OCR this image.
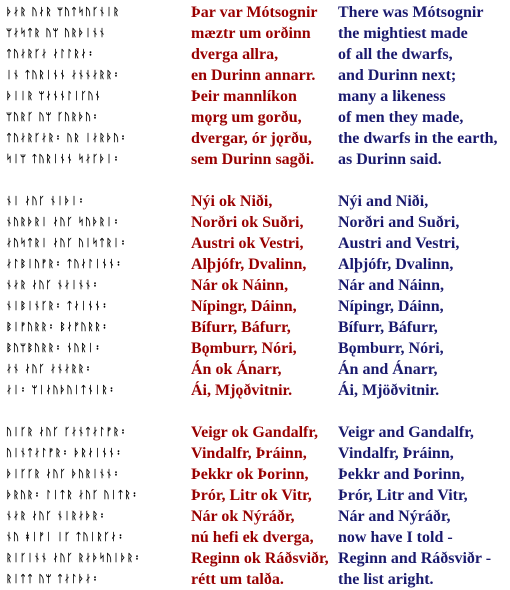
ᚦᛅᚱ ᚢᛅᚱ ᛘᚢᛏᛋᚢᚴᚾᛁᚱ	Þar var Mótsognir	There was Mótsognir
ᛘᛅᛋᛏᚱ ᚢᛘ ᚢᚱᚦᛁᚾᚾ	mæztr um orðinn	the mightiest made
ᛏᚢᛅᚱᚴᛅ ᛅᛚᛚᚱᛅ᛬	dverga allra,	of all the dwarfs,
ᛁᚾ ᛏᚢᚱᛁᚾᚾ ᛅᚾᚾᛅᚱᚱ᛬	en Durinn annarr.	and Durinn next;
ᚦᛁᛁᚱ ᛘᛅᚾᚾᛚᛁᚴᚢᚾ	Þeir mannlíkon	many a likeness
ᛘᚢᚱᚴ ᚢᛘ ᚴᚢᚱᚦᚢ᛬	mǫrg um gorðu,	of men they made,
ᛏᚢᛅᚱᚴᛅᚱ᛬ ᚢᚱ ᛁᛅᚱᚦᚢ᛬	dvergar, ór jǫrðu,	the dwarfs in the earth,
ᛋᛁᛘ ᛏᚢᚱᛁᚾᚾ ᛋᛅᚴᚦᛁ᛬	sem Durinn sagði.	as Durinn said.
ᚾᛁ ᛅᚢᚴ ᚾᛁᚦᛁ᛬	Nýi ok Niði,	Nýi and Niði,
ᚾᚢᚱᚦᚱᛁ ᛅᚢᚴ ᛋᚢᚦᚱᛁ᛬	Norðri ok Suðri,	Norðri and Suðri,
ᛅᚢᛋᛏᚱᛁ ᛅᚢᚴ ᚢᛁᛋᛏᚱᛁ᛬	Austri ok Vestri,	Austri and Vestri,
ᛅᛚᛒᛁᚢᚠᚱ᛬ ᛏᚢᛅᛚᛁᚾᚾ᛬	Alþjófr, Dvalinn,	Alþjófr, Dvalinn,
ᚾᛅᚱ ᛅᚢᚴ ᚾᛅᛁᚾᚾ᛬	Nár ok Náinn,	Nár and Náinn,
ᚾᛁᛒᛁᚾᚴᚱ᛬ ᛏᛅᛁᚾᚾ᛬	Nípingr, Dáinn,	Nípingr, Dáinn,
ᛒᛁᚠᚢᚱᚱ᛬ ᛒᛅᚠᚢᚱᚱ᛬	Bífurr, Báfurr,	Bífurr, Báfurr,
ᛒᚢᛘᛒᚢᚱᚱ᛬ ᚾᚢᚱᛁ᛬	Bǫmburr, Nóri,	Bǫmburr, Nóri,
ᛅᚾ ᛅᚢᚴ ᛅᚾᛅᚱᚱ᛬	Án ok Ánarr,	Án and Ánarr,
ᛅᛁ᛬ ᛘᛁᛅᚢᚦᚢᛁᛏᚾᛁᚱ᛬	Ái, Mjǫðvitnir.	Ái, Mjöðvitnir.
ᚢᛁᚴᚱ ᛅᚢᚴ ᚴᛅᚾᛏᛅᛚᚠᚱ᛬	Veigr ok Gandalfr,	Veigr and Gandalfr,
ᚢᛁᚾᛏᛅᛚᚠᚱ᛬ ᚦᚱᛅᛁᚾᚾ᛬	Vindalfr, Þráinn,	Vindalfr, Þráinn,
ᚦᛁᚴᚴᚱ ᛅᚢᚴ ᚦᚢᚱᛁᚾᚾ᛬	Þekkr ok Þorinn,	Þekkr and Þorinn,
ᚦᚱᚢᚱ᛬ ᛚᛁᛏᚱ ᛅᚢᚴ ᚢᛁᛏᚱ᛬	Þrór, Litr ok Vitr,	Þrór, Litr and Vitr,
ᚾᛅᚱ ᛅᚢᚴ ᚾᛁᚱᛅᚦᚱ᛬	Nár ok Nýráðr,	Nár and Nýráðr,
ᚾᚢ ᚼᛁᚠᛁ ᛁᚴ ᛏᚢᛁᚱᚴᛅ᛬	nú hefi ek dverga,	now have I told -
ᚱᛁᚴᛁᚾᚾ ᛅᚢᚴ ᚱᛅᚦᛋᚢᛁᚦᚱ᛬	Reginn ok Ráðsviðr, Reginn and Ráðsviðr -
ᚱᛁᛏᛏ ᚢᛘ ᛏᛅᛚᚦᛅ᛬	rétt um talða.	the list aright.
